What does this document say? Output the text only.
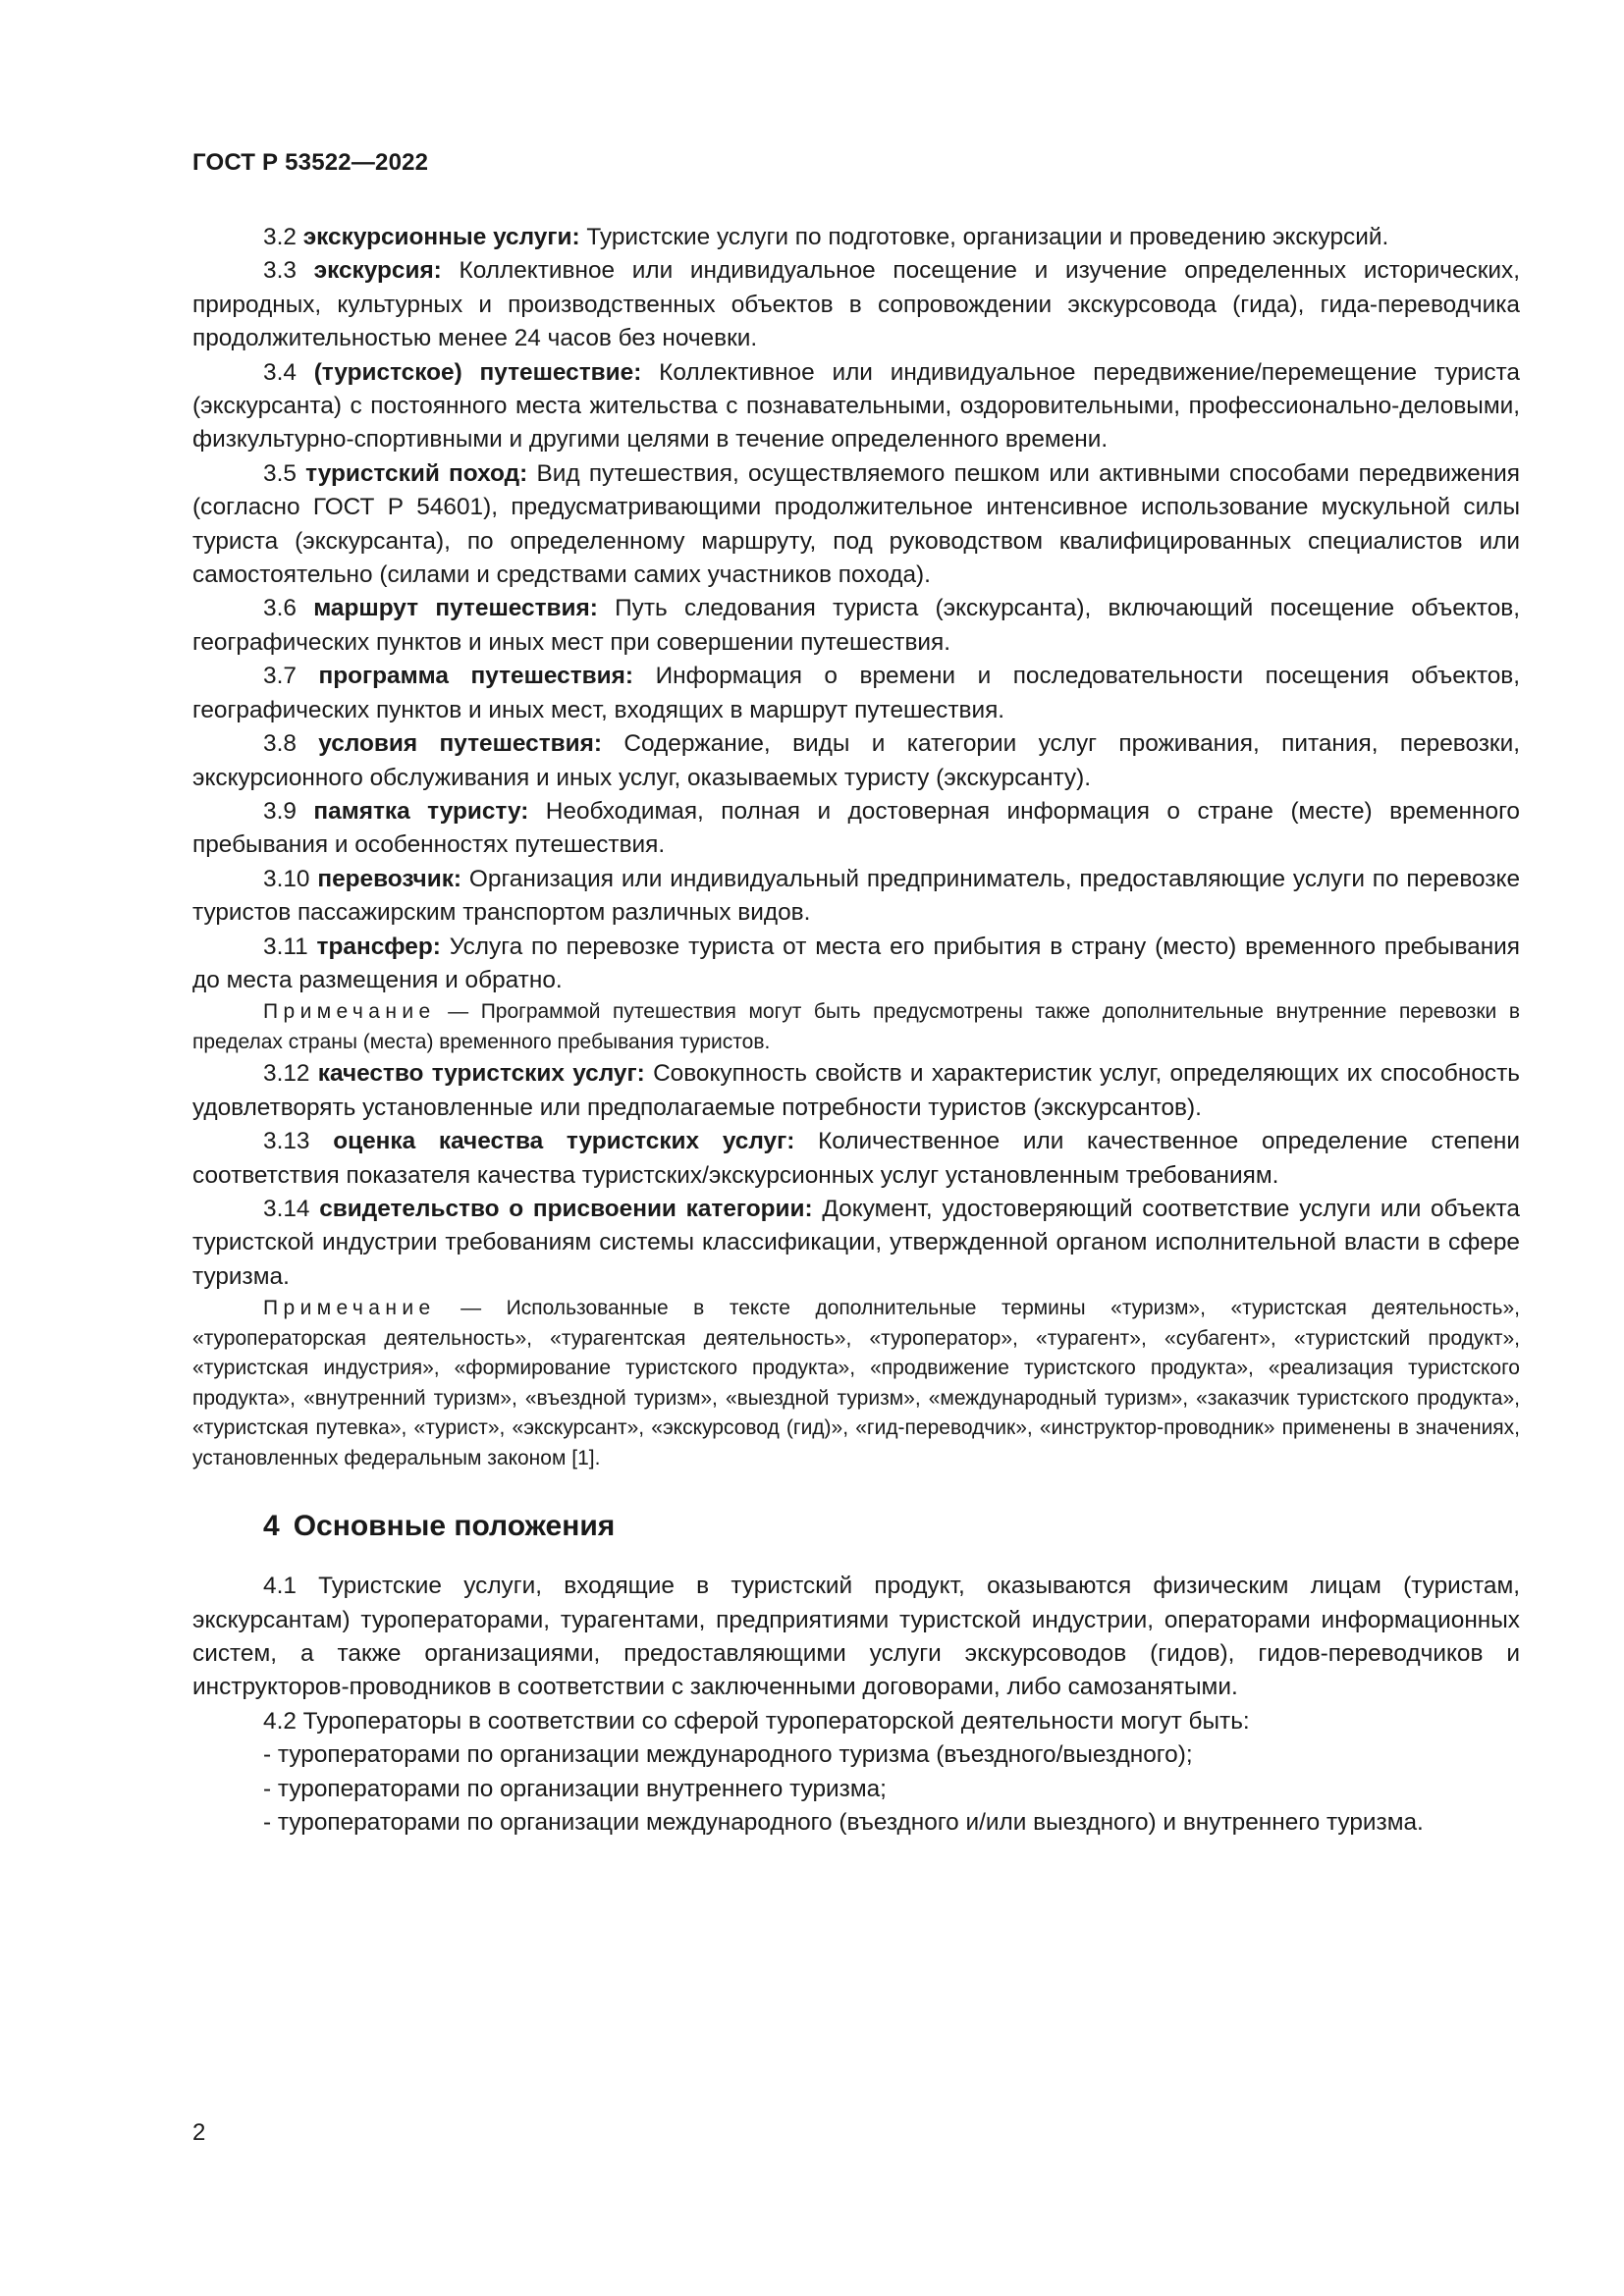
ГОСТ Р 53522—2022

3.2 экскурсионные услуги: Туристские услуги по подготовке, организации и проведению экскурсий.

3.3 экскурсия: Коллективное или индивидуальное посещение и изучение определенных исторических, природных, культурных и производственных объектов в сопровождении экскурсовода (гида), гида-переводчика продолжительностью менее 24 часов без ночевки.

3.4 (туристское) путешествие: Коллективное или индивидуальное передвижение/перемещение туриста (экскурсанта) с постоянного места жительства с познавательными, оздоровительными, профессионально-деловыми, физкультурно-спортивными и другими целями в течение определенного времени.

3.5 туристский поход: Вид путешествия, осуществляемого пешком или активными способами передвижения (согласно ГОСТ Р 54601), предусматривающими продолжительное интенсивное использование мускульной силы туриста (экскурсанта), по определенному маршруту, под руководством квалифицированных специалистов или самостоятельно (силами и средствами самих участников похода).

3.6 маршрут путешествия: Путь следования туриста (экскурсанта), включающий посещение объектов, географических пунктов и иных мест при совершении путешествия.

3.7 программа путешествия: Информация о времени и последовательности посещения объектов, географических пунктов и иных мест, входящих в маршрут путешествия.

3.8 условия путешествия: Содержание, виды и категории услуг проживания, питания, перевозки, экскурсионного обслуживания и иных услуг, оказываемых туристу (экскурсанту).

3.9 памятка туристу: Необходимая, полная и достоверная информация о стране (месте) временного пребывания и особенностях путешествия.

3.10 перевозчик: Организация или индивидуальный предприниматель, предоставляющие услуги по перевозке туристов пассажирским транспортом различных видов.

3.11 трансфер: Услуга по перевозке туриста от места его прибытия в страну (место) временного пребывания до места размещения и обратно.

Примечание — Программой путешествия могут быть предусмотрены также дополнительные внутренние перевозки в пределах страны (места) временного пребывания туристов.

3.12 качество туристских услуг: Совокупность свойств и характеристик услуг, определяющих их способность удовлетворять установленные или предполагаемые потребности туристов (экскурсантов).

3.13 оценка качества туристских услуг: Количественное или качественное определение степени соответствия показателя качества туристских/экскурсионных услуг установленным требованиям.

3.14 свидетельство о присвоении категории: Документ, удостоверяющий соответствие услуги или объекта туристской индустрии требованиям системы классификации, утвержденной органом исполнительной власти в сфере туризма.

Примечание — Использованные в тексте дополнительные термины «туризм», «туристская деятельность», «туроператорская деятельность», «турагентская деятельность», «туроператор», «турагент», «субагент», «туристский продукт», «туристская индустрия», «формирование туристского продукта», «продвижение туристского продукта», «реализация туристского продукта», «внутренний туризм», «въездной туризм», «выездной туризм», «международный туризм», «заказчик туристского продукта», «туристская путевка», «турист», «экскурсант», «экскурсовод (гид)», «гид-переводчик», «инструктор-проводник» применены в значениях, установленных федеральным законом [1].

4 Основные положения

4.1 Туристские услуги, входящие в туристский продукт, оказываются физическим лицам (туристам, экскурсантам) туроператорами, турагентами, предприятиями туристской индустрии, операторами информационных систем, а также организациями, предоставляющими услуги экскурсоводов (гидов), гидов-переводчиков и инструкторов-проводников в соответствии с заключенными договорами, либо самозанятыми.

4.2 Туроператоры в соответствии со сферой туроператорской деятельности могут быть:

- туроператорами по организации международного туризма (въездного/выездного);

- туроператорами по организации внутреннего туризма;

- туроператорами по организации международного (въездного и/или выездного) и внутреннего туризма.

2
